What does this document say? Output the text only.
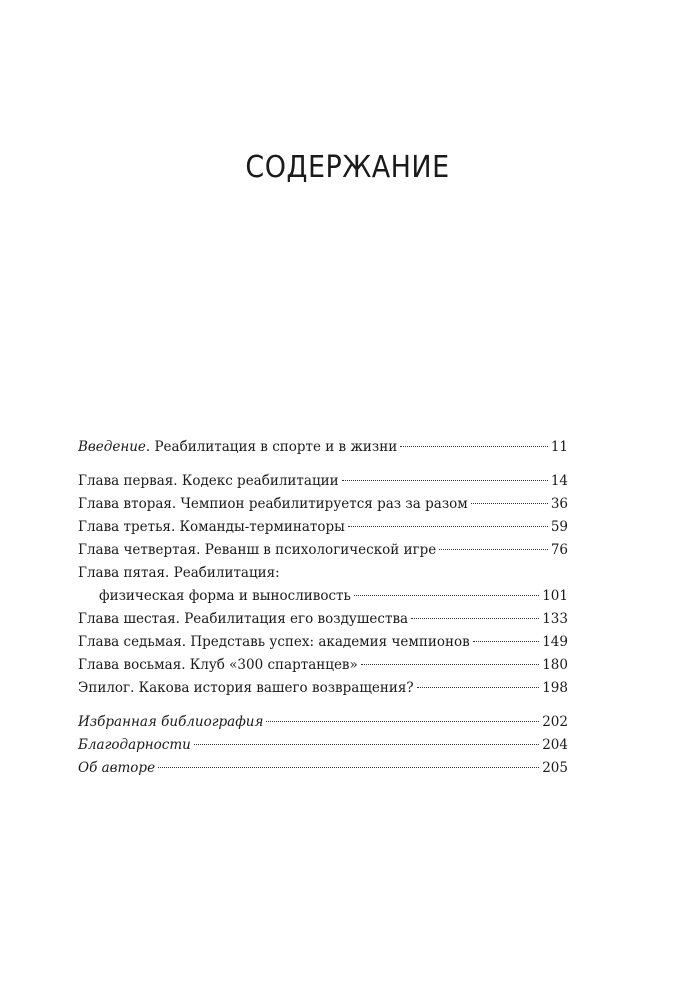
СОДЕРЖАНИЕ
Введение. Реабилитация в спорте и в жизни	11
Глава первая. Кодекс реабилитации	14
Глава вторая. Чемпион реабилитируется раз за разом	36
Глава третья. Команды-терминаторы	59
Глава четвертая. Реванш в психологической игре	76
Глава пятая. Реабилитация:
физическая форма и выносливость	101
Глава шестая. Реабилитация его воздушества	133
Глава седьмая. Представь успех: академия чемпионов	149
Глава восьмая. Клуб «300 спартанцев»	180
Эпилог. Какова история вашего возвращения?	198
Избранная библиография	202
Благодарности	204
Об авторе	205
